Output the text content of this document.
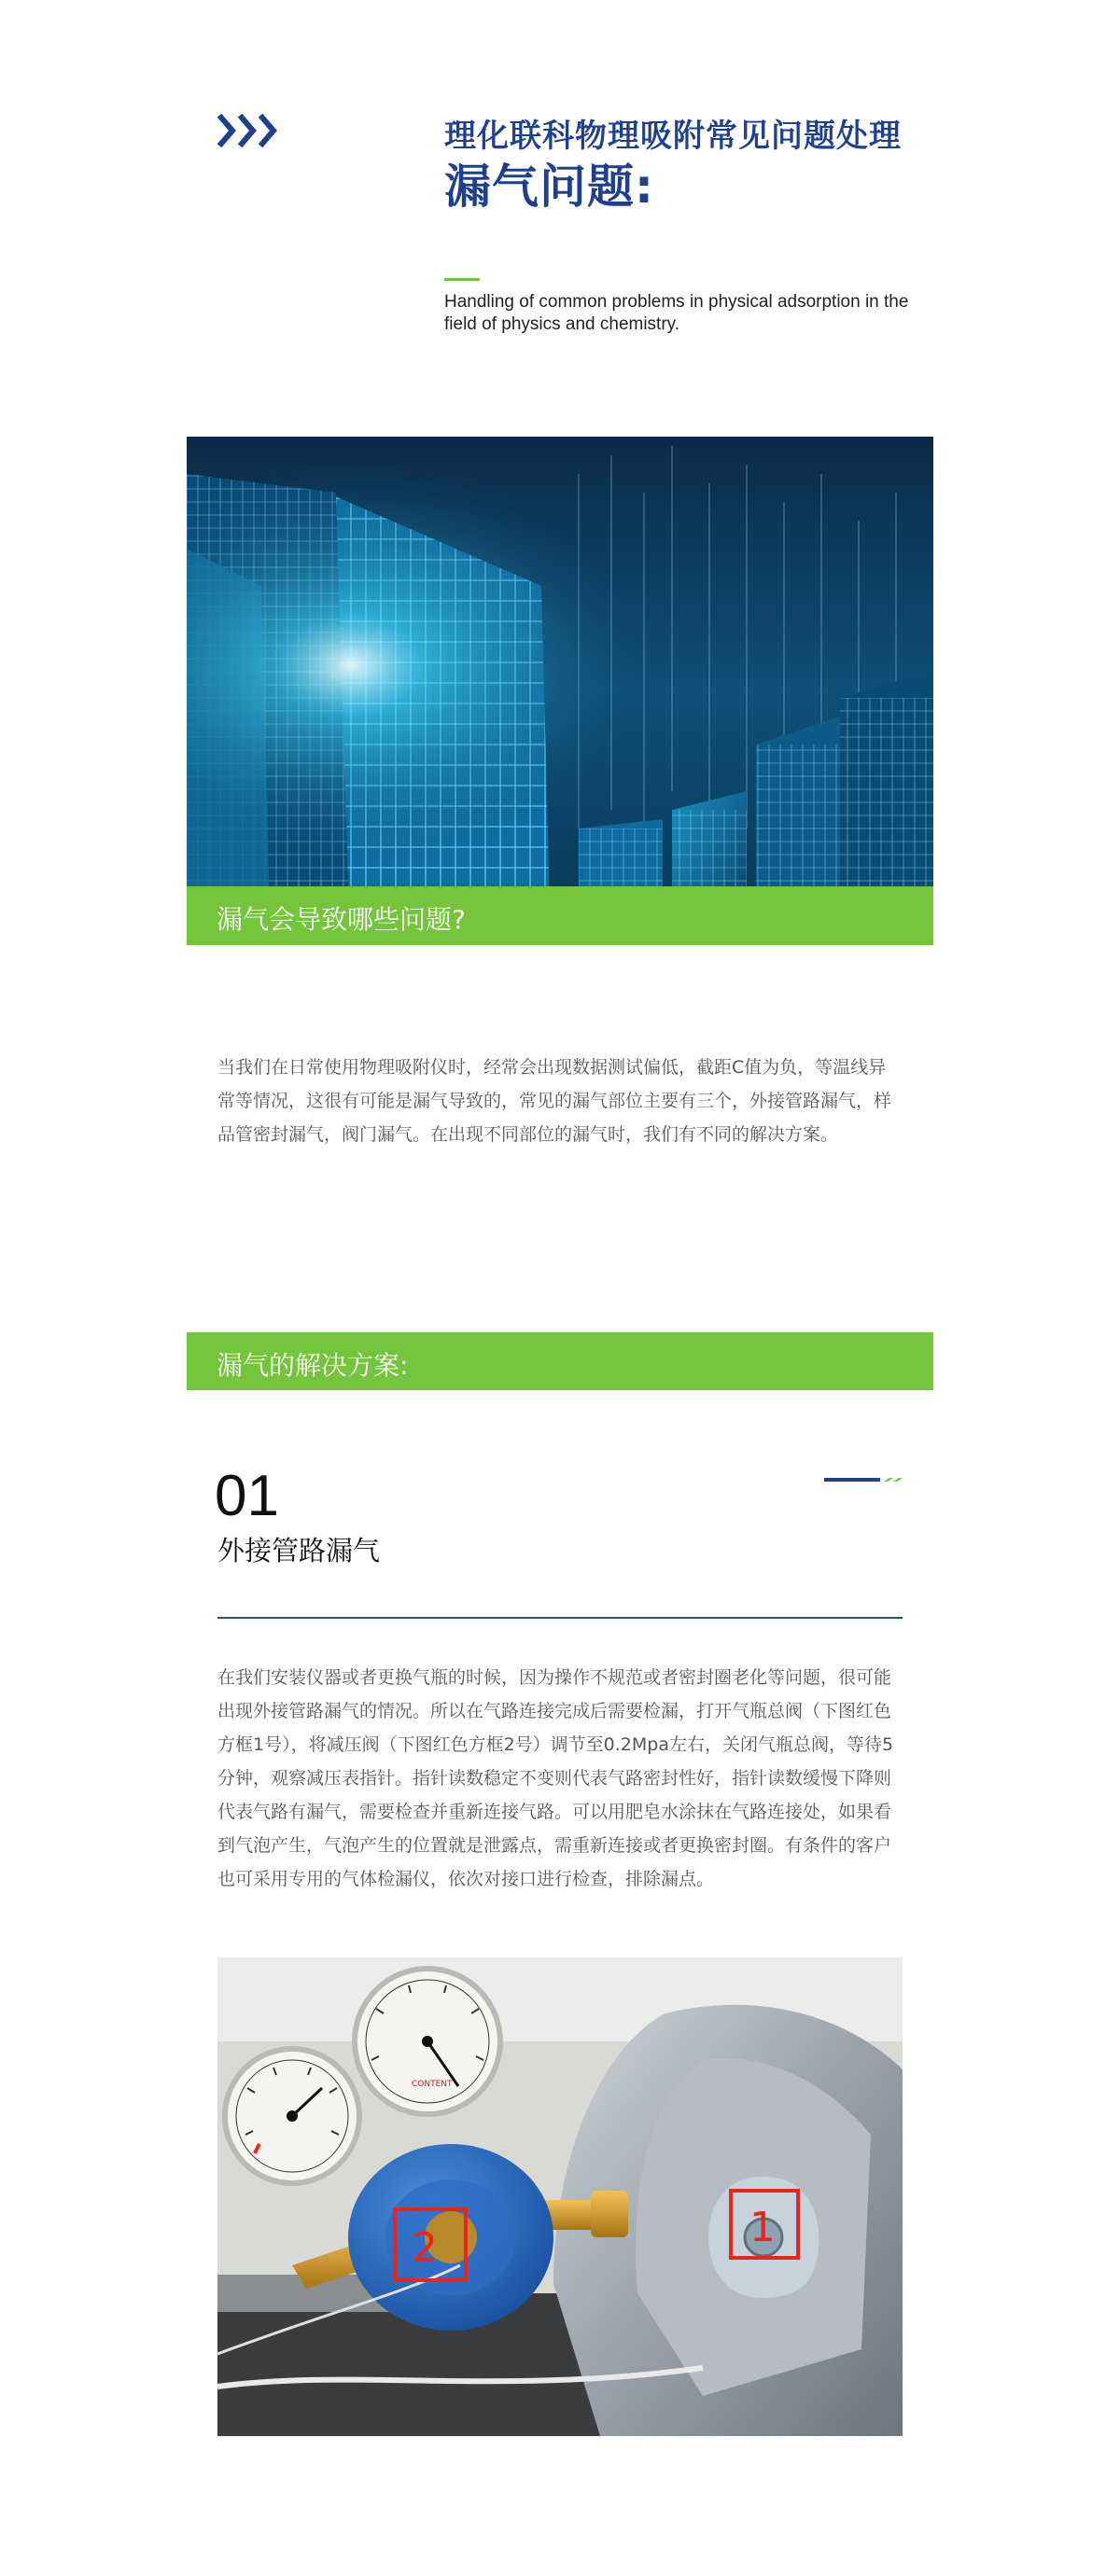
理化联科物理吸附常见问题处理
漏气问题:
Handling of common problems in physical adsorption in the field of physics and chemistry.
漏气会导致哪些问题?
当我们在日常使用物理吸附仪时，经常会出现数据测试偏低，截距C值为负，等温线异常等情况，这很有可能是漏气导致的，常见的漏气部位主要有三个，外接管路漏气，样品管密封漏气，阀门漏气。在出现不同部位的漏气时，我们有不同的解决方案。
漏气的解决方案:
01
外接管路漏气
在我们安装仪器或者更换气瓶的时候，因为操作不规范或者密封圈老化等问题，很可能出现外接管路漏气的情况。所以在气路连接完成后需要检漏，打开气瓶总阀（下图红色方框1号），将减压阀（下图红色方框2号）调节至0.2Mpa左右，关闭气瓶总阀，等待5分钟，观察减压表指针。指针读数稳定不变则代表气路密封性好，指针读数缓慢下降则代表气路有漏气，需要检查并重新连接气路。可以用肥皂水涂抹在气路连接处，如果看到气泡产生，气泡产生的位置就是泄露点，需重新连接或者更换密封圈。有条件的客户也可采用专用的气体检漏仪，依次对接口进行检查，排除漏点。
CONTENT
1
2
